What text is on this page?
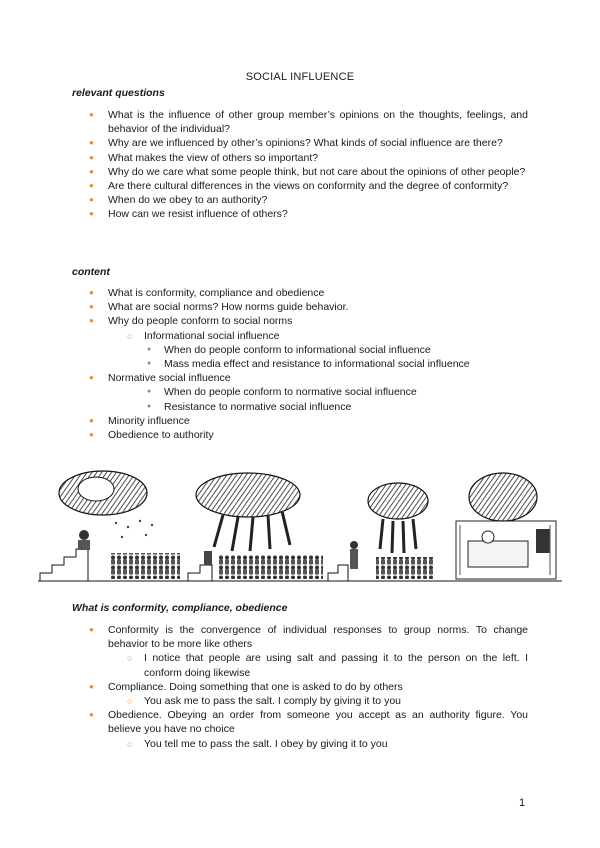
SOCIAL INFLUENCE
relevant questions
● What is the influence of other group member’s opinions on the thoughts, feelings, and behavior of the individual?
● Why are we influenced by other’s opinions? What kinds of social influence are there?
● What makes the view of others so important?
● Why do we care what some people think, but not care about the opinions of other people?
● Are there cultural differences in the views on conformity and the degree of conformity?
● When do we obey to an authority?
● How can we resist influence of others?
content
● What is conformity, compliance and obedience
● What are social norms? How norms guide behavior.
● Why do people conform to social norms
○ Informational social influence
● When do people conform to informational social influence
● Mass media effect and resistance to informational social influence
● Normative social influence
● When do people conform to normative social influence
● Resistance to normative social influence
● Minority influence
● Obedience to authority
What is conformity, compliance, obedience
● Conformity is the convergence of individual responses to group norms. To change behavior to be more like others
○ I notice that people are using salt and passing it to the person on the left. I conform doing likewise
● Compliance. Doing something that one is asked to do by others
○ You ask me to pass the salt. I comply by giving it to you
● Obedience. Obeying an order from someone you accept as an authority figure. You believe you have no choice
○ You tell me to pass the salt. I obey by giving it to you
1
